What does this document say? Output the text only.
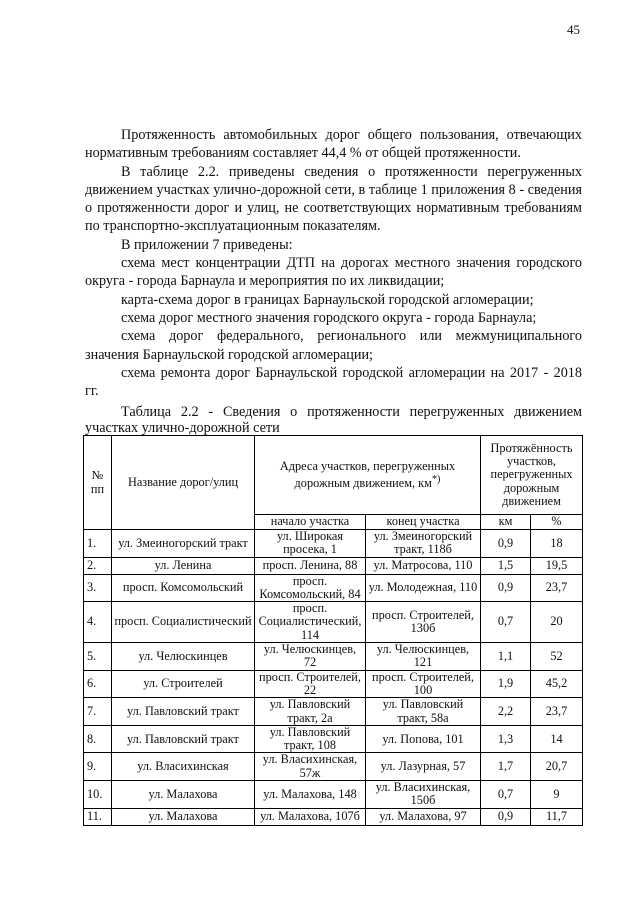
45

Протяженность автомобильных дорог общего пользования, отвечающих нормативным требованиям составляет 44,4 % от общей протяженности.

В таблице 2.2. приведены сведения о протяженности перегруженных движением участках улично-дорожной сети, в таблице 1 приложения 8 - сведения о протяженности дорог и улиц, не соответствующих нормативным требованиям по транспортно-эксплуатационным показателям.

В приложении 7 приведены:

схема мест концентрации ДТП на дорогах местного значения городского округа - города Барнаула и мероприятия по их ликвидации;

карта-схема дорог в границах Барнаульской городской агломерации;

схема дорог местного значения городского округа - города Барнаула;

схема дорог федерального, регионального или межмуниципального значения Барнаульской городской агломерации;

схема ремонта дорог Барнаульской городской агломерации на 2017 - 2018 гг.

Таблица 2.2 - Сведения о протяженности перегруженных движением участках улично-дорожной сети
№ пп	Название дорог/улиц	Адреса участков, перегруженных дорожным движением, км*)		Протяжённость участков, перегруженных дорожным движением	
		начало участка	конец участка	км	%
1.	ул. Змеиногорский тракт	ул. Широкая просека, 1	ул. Змеиногорский тракт, 118б	0,9	18
2.	ул. Ленина	просп. Ленина, 88	ул. Матросова, 110	1,5	19,5
3.	просп. Комсомольский	просп. Комсомольский, 84	ул. Молодежная, 110	0,9	23,7
4.	просп. Социалистический	просп. Социалистический, 114	просп. Строителей, 130б	0,7	20
5.	ул. Челюскинцев	ул. Челюскинцев, 72	ул. Челюскинцев, 121	1,1	52
6.	ул. Строителей	просп. Строителей, 22	просп. Строителей, 100	1,9	45,2
7.	ул. Павловский тракт	ул. Павловский тракт, 2а	ул. Павловский тракт, 58а	2,2	23,7
8.	ул. Павловский тракт	ул. Павловский тракт, 108	ул. Попова, 101	1,3	14
9.	ул. Власихинская	ул. Власихинская, 57ж	ул. Лазурная, 57	1,7	20,7
10.	ул. Малахова	ул. Малахова, 148	ул. Власихинская, 150б	0,7	9
11.	ул. Малахова	ул. Малахова, 107б	ул. Малахова, 97	0,9	11,7
